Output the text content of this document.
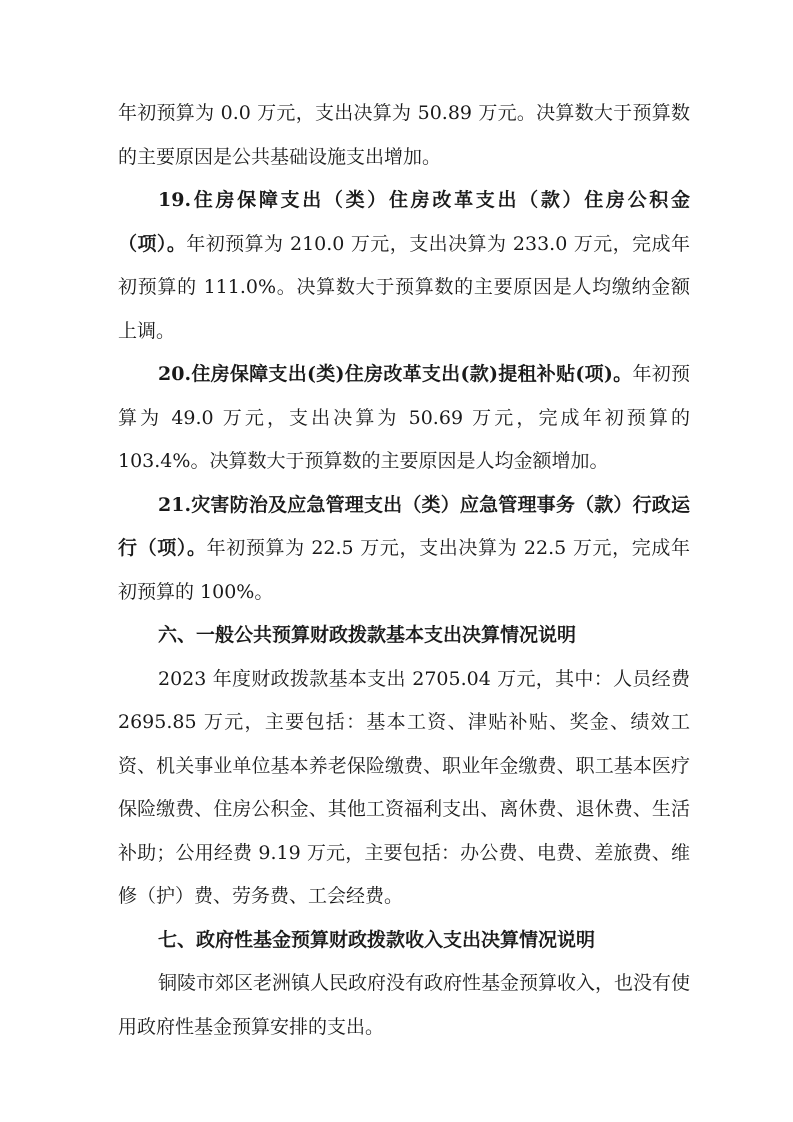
年初预算为 0.0 万元，支出决算为 50.89 万元。决算数大于预算数的主要原因是公共基础设施支出增加。

19.住房保障支出（类）住房改革支出（款）住房公积金（项）。年初预算为 210.0 万元，支出决算为 233.0 万元，完成年初预算的 111.0%。决算数大于预算数的主要原因是人均缴纳金额上调。

20.住房保障支出(类)住房改革支出(款)提租补贴(项)。年初预算为 49.0 万元，支出决算为 50.69 万元，完成年初预算的 103.4%。决算数大于预算数的主要原因是人均金额增加。

21.灾害防治及应急管理支出（类）应急管理事务（款）行政运行（项）。年初预算为 22.5 万元，支出决算为 22.5 万元，完成年初预算的 100%。

六、一般公共预算财政拨款基本支出决算情况说明

2023 年度财政拨款基本支出 2705.04 万元，其中：人员经费 2695.85 万元，主要包括：基本工资、津贴补贴、奖金、绩效工资、机关事业单位基本养老保险缴费、职业年金缴费、职工基本医疗保险缴费、住房公积金、其他工资福利支出、离休费、退休费、生活补助；公用经费 9.19 万元，主要包括：办公费、电费、差旅费、维修（护）费、劳务费、工会经费。

七、政府性基金预算财政拨款收入支出决算情况说明

铜陵市郊区老洲镇人民政府没有政府性基金预算收入，也没有使用政府性基金预算安排的支出。
